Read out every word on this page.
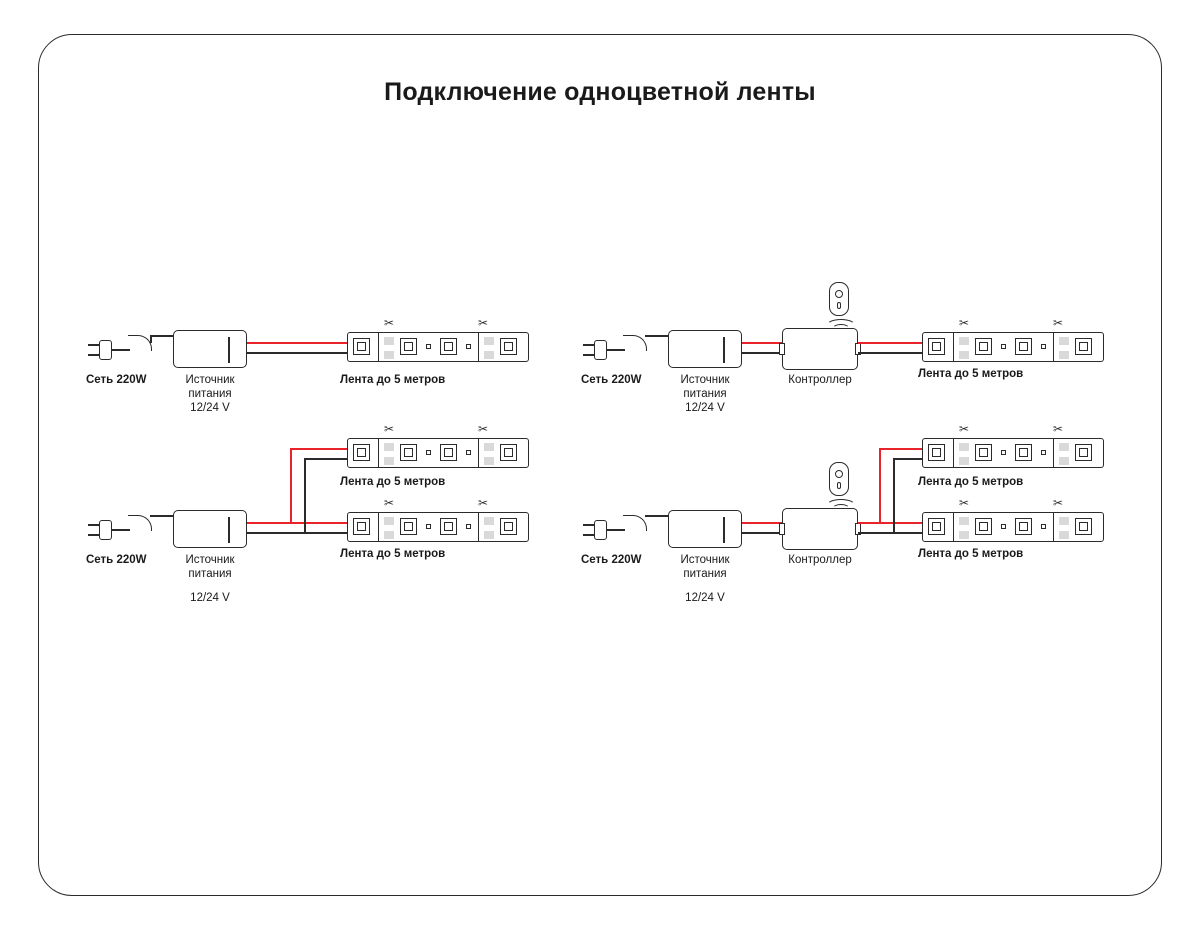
Подключение одноцветной ленты
✂	✂
Сеть 220W	Источник
питания
12/24 V
Лента до 5 метров
✂	✂
Сеть 220W	Источник
питания
12/24 V
Контроллер	Лента до 5 метров
✂	✂
Лента до 5 метров
✂	✂
Сеть 220W	Источник
питания
12/24 V
Лента до 5 метров
✂	✂
Лента до 5 метров
✂	✂
Сеть 220W	Источник
питания
12/24 V
Контроллер	Лента до 5 метров
